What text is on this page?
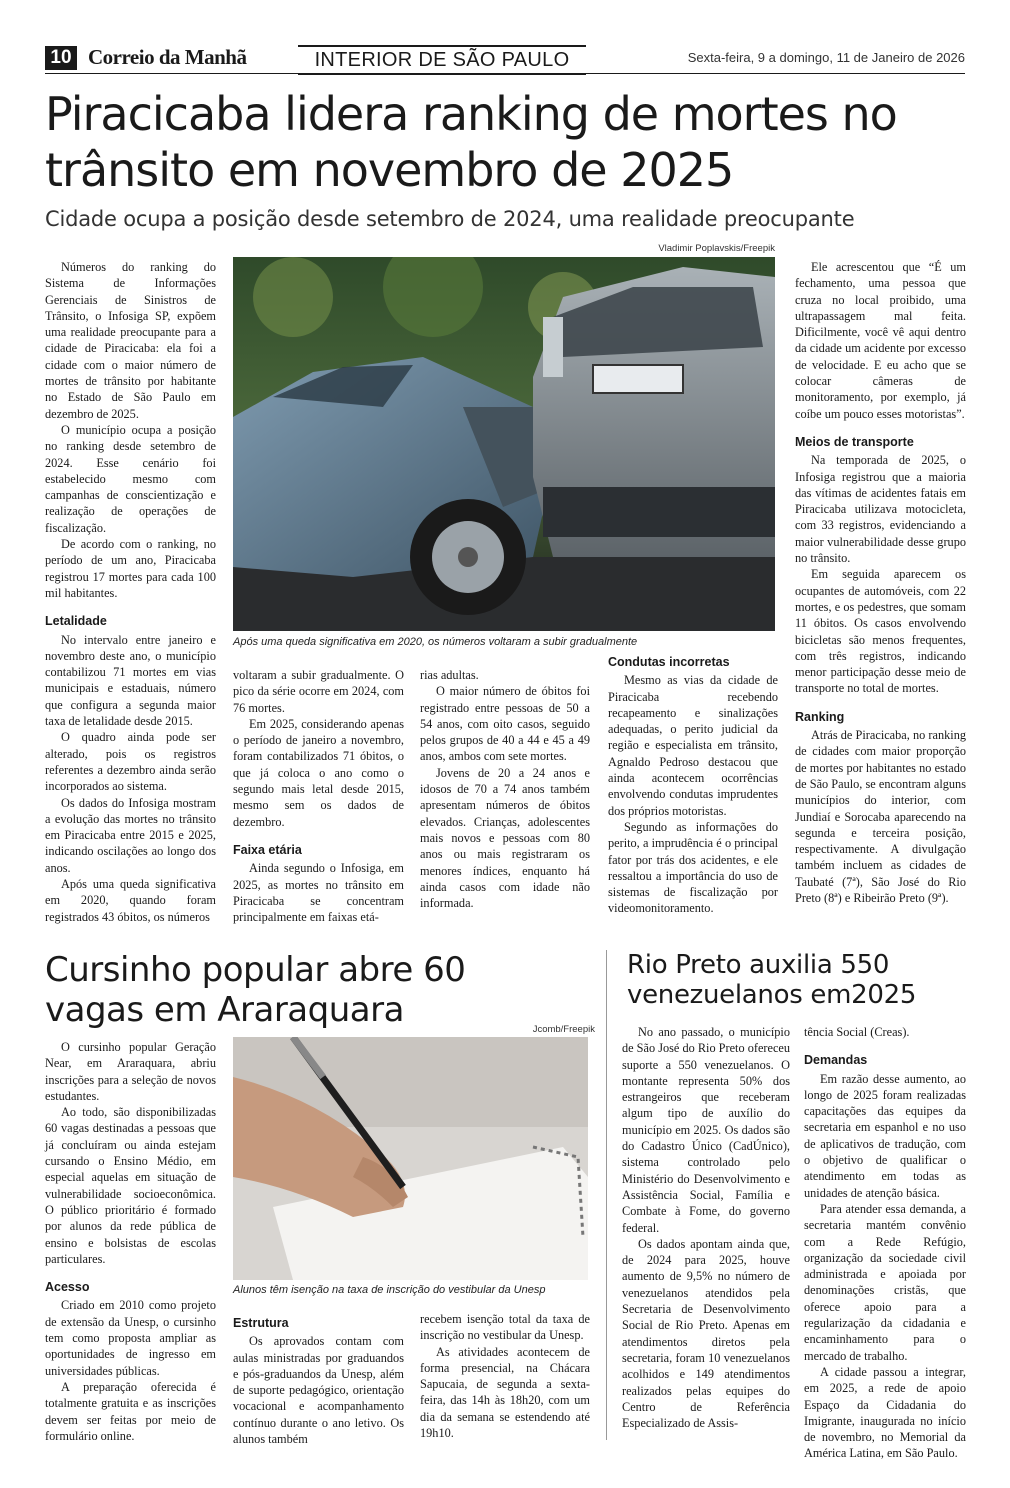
10 Correio da Manhã	INTERIOR DE SÃO PAULO	Sexta-feira, 9 a domingo, 11 de Janeiro de 2026
Piracicaba lidera ranking de mortes no trânsito em novembro de 2025

Cidade ocupa a posição desde setembro de 2024, uma realidade preocupante

Números do ranking do Sistema de Informações Gerenciais de Sinistros de Trânsito, o Infosiga SP, expõem uma realidade preocupante para a cidade de Piracicaba: ela foi a cidade com o maior número de mortes de trânsito por habitante no Estado de São Paulo em dezembro de 2025.

O município ocupa a posição no ranking desde setembro de 2024. Esse cenário foi estabelecido mesmo com campanhas de conscientização e realização de operações de fiscalização.

De acordo com o ranking, no período de um ano, Piracicaba registrou 17 mortes para cada 100 mil habitantes.

Letalidade

No intervalo entre janeiro e novembro deste ano, o município contabilizou 71 mortes em vias municipais e estaduais, número que configura a segunda maior taxa de letalidade desde 2015.

O quadro ainda pode ser alterado, pois os registros referentes a dezembro ainda serão incorporados ao sistema.

Os dados do Infosiga mostram a evolução das mortes no trânsito em Piracicaba entre 2015 e 2025, indicando oscilações ao longo dos anos.

Após uma queda significativa em 2020, quando foram registrados 43 óbitos, os números

Vladimir Poplavskis/Freepik
Após uma queda significativa em 2020, os números voltaram a subir gradualmente

voltaram a subir gradualmente. O pico da série ocorre em 2024, com 76 mortes.

Em 2025, considerando apenas o período de janeiro a novembro, foram contabilizados 71 óbitos, o que já coloca o ano como o segundo mais letal desde 2015, mesmo sem os dados de dezembro.

Faixa etária

Ainda segundo o Infosiga, em 2025, as mortes no trânsito em Piracicaba se concentram principalmente em faixas etá-

rias adultas.

O maior número de óbitos foi registrado entre pessoas de 50 a 54 anos, com oito casos, seguido pelos grupos de 40 a 44 e 45 a 49 anos, ambos com sete mortes.

Jovens de 20 a 24 anos e idosos de 70 a 74 anos também apresentam números de óbitos elevados. Crianças, adolescentes mais novos e pessoas com 80 anos ou mais registraram os menores índices, enquanto há ainda casos com idade não informada.

Condutas incorretas

Mesmo as vias da cidade de Piracicaba recebendo recapeamento e sinalizações adequadas, o perito judicial da região e especialista em trânsito, Agnaldo Pedroso destacou que ainda acontecem ocorrências envolvendo condutas imprudentes dos próprios motoristas.

Segundo as informações do perito, a imprudência é o principal fator por trás dos acidentes, e ele ressaltou a importância do uso de sistemas de fiscalização por videomonitoramento.

Ele acrescentou que “É um fechamento, uma pessoa que cruza no local proibido, uma ultrapassagem mal feita. Dificilmente, você vê aqui dentro da cidade um acidente por excesso de velocidade. E eu acho que se colocar câmeras de monitoramento, por exemplo, já coíbe um pouco esses motoristas”.

Meios de transporte

Na temporada de 2025, o Infosiga registrou que a maioria das vítimas de acidentes fatais em Piracicaba utilizava motocicleta, com 33 registros, evidenciando a maior vulnerabilidade desse grupo no trânsito.

Em seguida aparecem os ocupantes de automóveis, com 22 mortes, e os pedestres, que somam 11 óbitos. Os casos envolvendo bicicletas são menos frequentes, com três registros, indicando menor participação desse meio de transporte no total de mortes.

Ranking

Atrás de Piracicaba, no ranking de cidades com maior proporção de mortes por habitantes no estado de São Paulo, se encontram alguns municípios do interior, com Jundiaí e Sorocaba aparecendo na segunda e terceira posição, respectivamente. A divulgação também incluem as cidades de Taubaté (7ª), São José do Rio Preto (8ª) e Ribeirão Preto (9ª).

Cursinho popular abre 60 vagas em Araraquara	Jcomb/Freepik
Alunos têm isenção na taxa de inscrição do vestibular da Unesp

O cursinho popular Geração Near, em Araraquara, abriu inscrições para a seleção de novos estudantes.

Ao todo, são disponibilizadas 60 vagas destinadas a pessoas que já concluíram ou ainda estejam cursando o Ensino Médio, em especial aquelas em situação de vulnerabilidade socioeconômica. O público prioritário é formado por alunos da rede pública de ensino e bolsistas de escolas particulares.

Acesso

Criado em 2010 como projeto de extensão da Unesp, o cursinho tem como proposta ampliar as oportunidades de ingresso em universidades públicas.

A preparação oferecida é totalmente gratuita e as inscrições devem ser feitas por meio de formulário online.

Estrutura

Os aprovados contam com aulas ministradas por graduandos e pós-graduandos da Unesp, além de suporte pedagógico, orientação vocacional e acompanhamento contínuo durante o ano letivo. Os alunos também

recebem isenção total da taxa de inscrição no vestibular da Unesp.

As atividades acontecem de forma presencial, na Chácara Sapucaia, de segunda a sexta-feira, das 14h às 18h20, com um dia da semana se estendendo até 19h10.

Rio Preto auxilia 550 venezuelanos em2025

No ano passado, o município de São José do Rio Preto ofereceu suporte a 550 venezuelanos. O montante representa 50% dos estrangeiros que receberam algum tipo de auxílio do município em 2025. Os dados são do Cadastro Único (CadÚnico), sistema controlado pelo Ministério do Desenvolvimento e Assistência Social, Família e Combate à Fome, do governo federal.

Os dados apontam ainda que, de 2024 para 2025, houve aumento de 9,5% no número de venezuelanos atendidos pela Secretaria de Desenvolvimento Social de Rio Preto. Apenas em atendimentos diretos pela secretaria, foram 10 venezuelanos acolhidos e 149 atendimentos realizados pelas equipes do Centro de Referência Especializado de Assis-

tência Social (Creas).

Demandas

Em razão desse aumento, ao longo de 2025 foram realizadas capacitações das equipes da secretaria em espanhol e no uso de aplicativos de tradução, com o objetivo de qualificar o atendimento em todas as unidades de atenção básica.

Para atender essa demanda, a secretaria mantém convênio com a Rede Refúgio, organização da sociedade civil administrada e apoiada por denominações cristãs, que oferece apoio para a regularização da cidadania e encaminhamento para o mercado de trabalho.

A cidade passou a integrar, em 2025, a rede de apoio Espaço da Cidadania do Imigrante, inaugurada no início de novembro, no Memorial da América Latina, em São Paulo.
